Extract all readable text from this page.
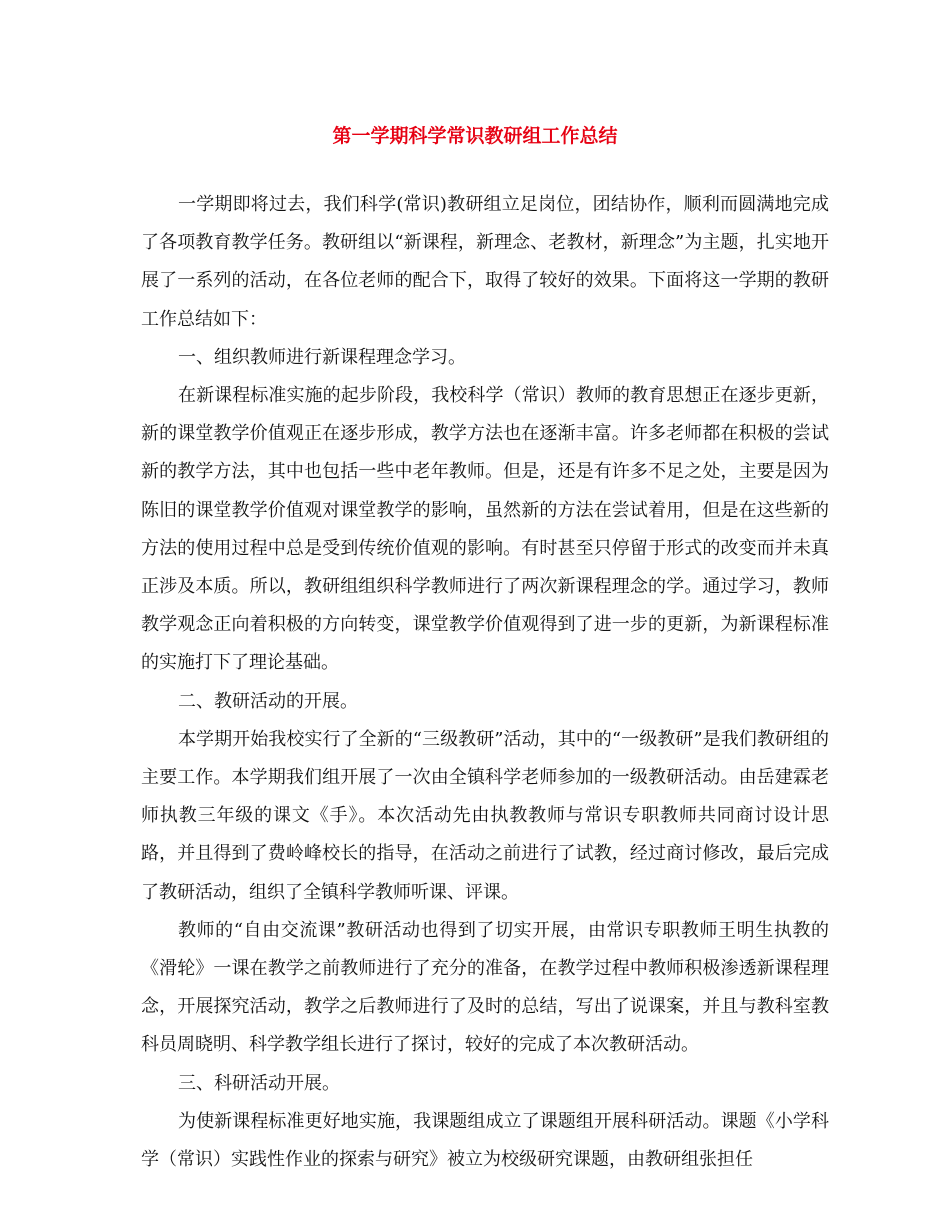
第一学期科学常识教研组工作总结

一学期即将过去，我们科学(常识)教研组立足岗位，团结协作，顺利而圆满地完成了各项教育教学任务。教研组以“新课程，新理念、老教材，新理念”为主题，扎实地开展了一系列的活动，在各位老师的配合下，取得了较好的效果。下面将这一学期的教研工作总结如下：

一、组织教师进行新课程理念学习。

在新课程标准实施的起步阶段，我校科学（常识）教师的教育思想正在逐步更新，新的课堂教学价值观正在逐步形成，教学方法也在逐渐丰富。许多老师都在积极的尝试新的教学方法，其中也包括一些中老年教师。但是，还是有许多不足之处，主要是因为陈旧的课堂教学价值观对课堂教学的影响，虽然新的方法在尝试着用，但是在这些新的方法的使用过程中总是受到传统价值观的影响。有时甚至只停留于形式的改变而并未真正涉及本质。所以，教研组组织科学教师进行了两次新课程理念的学。通过学习，教师教学观念正向着积极的方向转变，课堂教学价值观得到了进一步的更新，为新课程标准的实施打下了理论基础。

二、教研活动的开展。

本学期开始我校实行了全新的“三级教研”活动，其中的“一级教研”是我们教研组的主要工作。本学期我们组开展了一次由全镇科学老师参加的一级教研活动。由岳建霖老师执教三年级的课文《手》。本次活动先由执教教师与常识专职教师共同商讨设计思路，并且得到了费岭峰校长的指导，在活动之前进行了试教，经过商讨修改，最后完成了教研活动，组织了全镇科学教师听课、评课。

教师的“自由交流课”教研活动也得到了切实开展，由常识专职教师王明生执教的《滑轮》一课在教学之前教师进行了充分的准备，在教学过程中教师积极渗透新课程理念，开展探究活动，教学之后教师进行了及时的总结，写出了说课案，并且与教科室教科员周晓明、科学教学组长进行了探讨，较好的完成了本次教研活动。

三、科研活动开展。

为使新课程标准更好地实施，我课题组成立了课题组开展科研活动。课题《小学科学（常识）实践性作业的探索与研究》被立为校级研究课题，由教研组张担任
